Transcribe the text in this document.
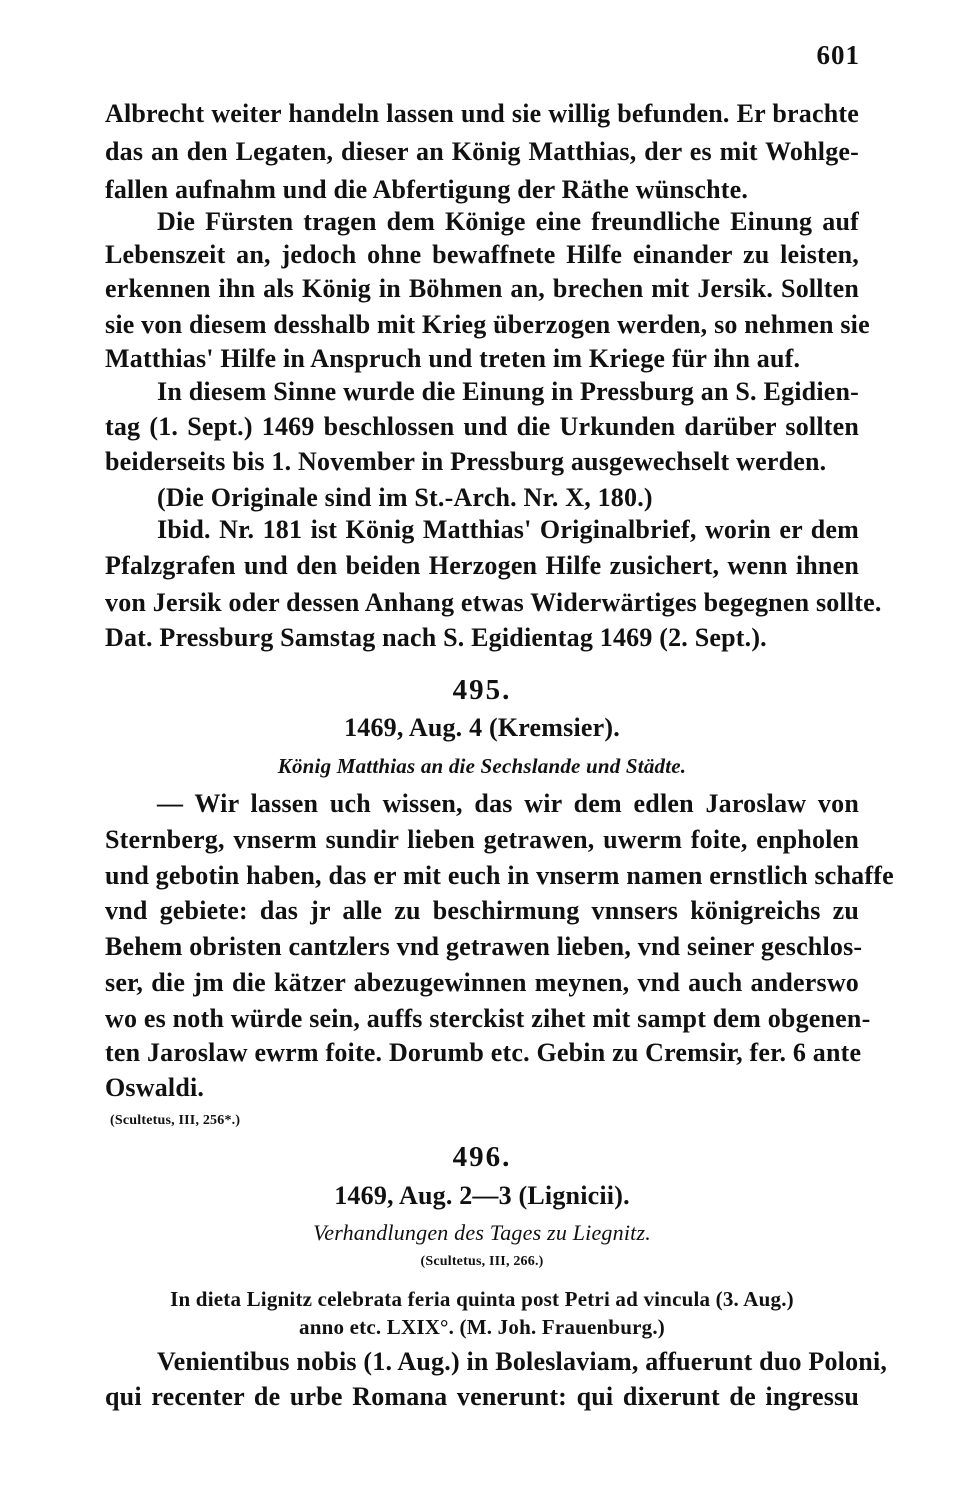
601
Albrecht weiter handeln lassen und sie willig befunden. Er brachte
das an den Legaten, dieser an König Matthias, der es mit Wohlge-
fallen aufnahm und die Abfertigung der Räthe wünschte.
Die Fürsten tragen dem Könige eine freundliche Einung auf
Lebenszeit an, jedoch ohne bewaffnete Hilfe einander zu leisten,
erkennen ihn als König in Böhmen an, brechen mit Jersik. Sollten
sie von diesem desshalb mit Krieg überzogen werden, so nehmen sie
Matthias' Hilfe in Anspruch und treten im Kriege für ihn auf.
In diesem Sinne wurde die Einung in Pressburg an S. Egidien-
tag (1. Sept.) 1469 beschlossen und die Urkunden darüber sollten
beiderseits bis 1. November in Pressburg ausgewechselt werden.
(Die Originale sind im St.-Arch. Nr. X, 180.)
Ibid. Nr. 181 ist König Matthias' Originalbrief, worin er dem
Pfalzgrafen und den beiden Herzogen Hilfe zusichert, wenn ihnen
von Jersik oder dessen Anhang etwas Widerwärtiges begegnen sollte.
Dat. Pressburg Samstag nach S. Egidientag 1469 (2. Sept.).
495.
1469, Aug. 4 (Kremsier).
König Matthias an die Sechslande und Städte.
— Wir lassen uch wissen, das wir dem edlen Jaroslaw von
Sternberg, vnserm sundir lieben getrawen, uwerm foite, enpholen
und gebotin haben, das er mit euch in vnserm namen ernstlich schaffe
vnd gebiete: das jr alle zu beschirmung vnnsers königreichs zu
Behem obristen cantzlers vnd getrawen lieben, vnd seiner geschlos-
ser, die jm die kätzer abezugewinnen meynen, vnd auch anderswo
wo es noth würde sein, auffs sterckist zihet mit sampt dem obgenen-
ten Jaroslaw ewrm foite. Dorumb etc. Gebin zu Cremsir, fer. 6 ante
Oswaldi.
(Scultetus, III, 256*.)
496.
1469, Aug. 2—3 (Lignicii).
Verhandlungen des Tages zu Liegnitz.
(Scultetus, III, 266.)
In dieta Lignitz celebrata feria quinta post Petri ad vincula (3. Aug.)
anno etc. LXIX°. (M. Joh. Frauenburg.)
Venientibus nobis (1. Aug.) in Boleslaviam, affuerunt duo Poloni,
qui recenter de urbe Romana venerunt: qui dixerunt de ingressu
